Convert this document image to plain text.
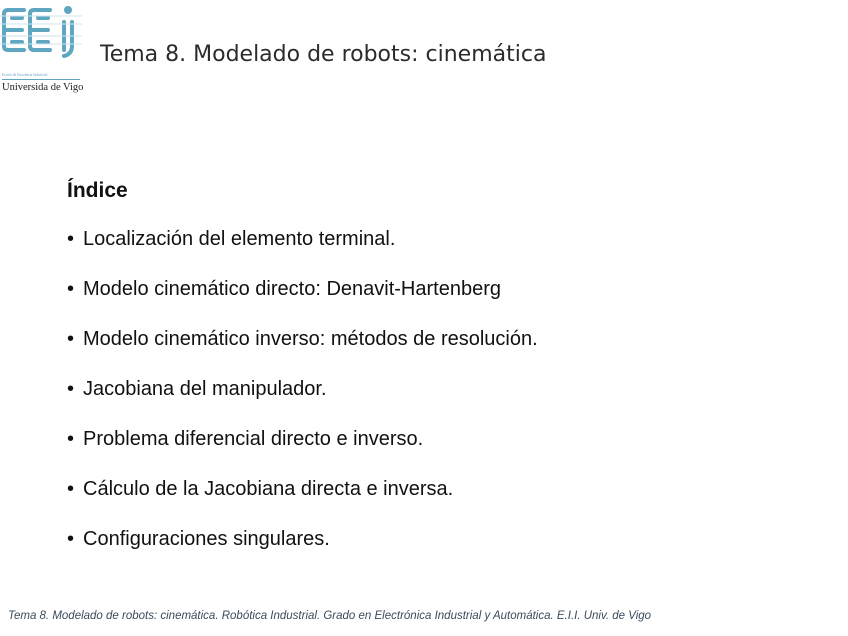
Escola de Enxeñería Industrial
Universida de Vigo
Tema 8. Modelado de robots: cinemática
Índice
• Localización del elemento terminal.
• Modelo cinemático directo: Denavit-Hartenberg
• Modelo cinemático inverso: métodos de resolución.
• Jacobiana del manipulador.
• Problema diferencial directo e inverso.
• Cálculo de la Jacobiana directa e inversa.
• Configuraciones singulares.
Tema 8. Modelado de robots: cinemática. Robótica Industrial. Grado en Electrónica Industrial y Automática. E.I.I. Univ. de Vigo
